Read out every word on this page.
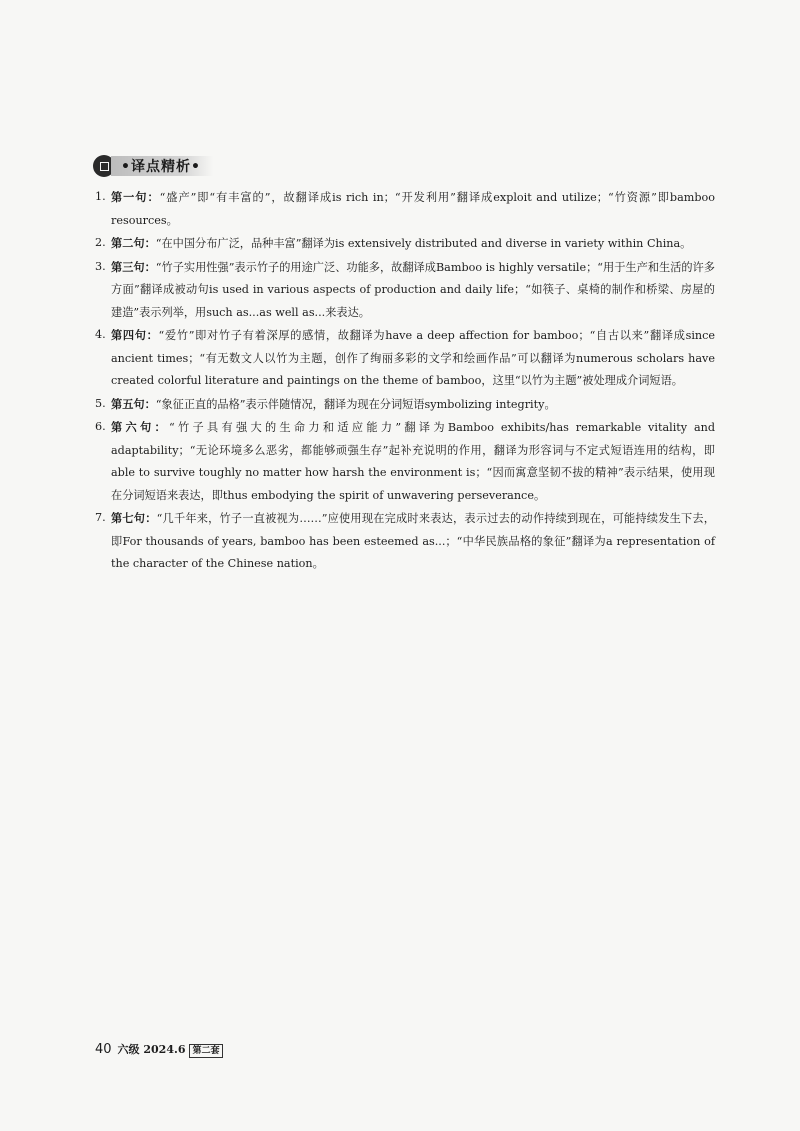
•译点精析•
1. 第一句：“盛产”即“有丰富的”，故翻译成is rich in；“开发利用”翻译成exploit and utilize；“竹资源”即bamboo resources。
2. 第二句：“在中国分布广泛，品种丰富”翻译为is extensively distributed and diverse in variety within China。
3. 第三句：“竹子实用性强”表示竹子的用途广泛、功能多，故翻译成Bamboo is highly versatile；“用于生产和生活的许多方面”翻译成被动句is used in various aspects of production and daily life；“如筷子、桌椅的制作和桥梁、房屋的建造”表示列举，用such as...as well as...来表达。
4. 第四句：“爱竹”即对竹子有着深厚的感情，故翻译为have a deep affection for bamboo；“自古以来”翻译成since ancient times；“有无数文人以竹为主题，创作了绚丽多彩的文学和绘画作品”可以翻译为numerous scholars have created colorful literature and paintings on the theme of bamboo，这里“以竹为主题”被处理成介词短语。
5. 第五句：“象征正直的品格”表示伴随情况，翻译为现在分词短语symbolizing integrity。
6. 第六句：“竹子具有强大的生命力和适应能力”翻译为Bamboo exhibits/has remarkable vitality and adaptability；“无论环境多么恶劣，都能够顽强生存”起补充说明的作用，翻译为形容词与不定式短语连用的结构，即able to survive toughly no matter how harsh the environment is；“因而寓意坚韧不拔的精神”表示结果，使用现在分词短语来表达，即thus embodying the spirit of unwavering perseverance。
7. 第七句：“几千年来，竹子一直被视为……”应使用现在完成时来表达，表示过去的动作持续到现在，可能持续发生下去，即For thousands of years, bamboo has been esteemed as...；“中华民族品格的象征”翻译为a representation of the character of the Chinese nation。
40 六级 2024.6 第二套
